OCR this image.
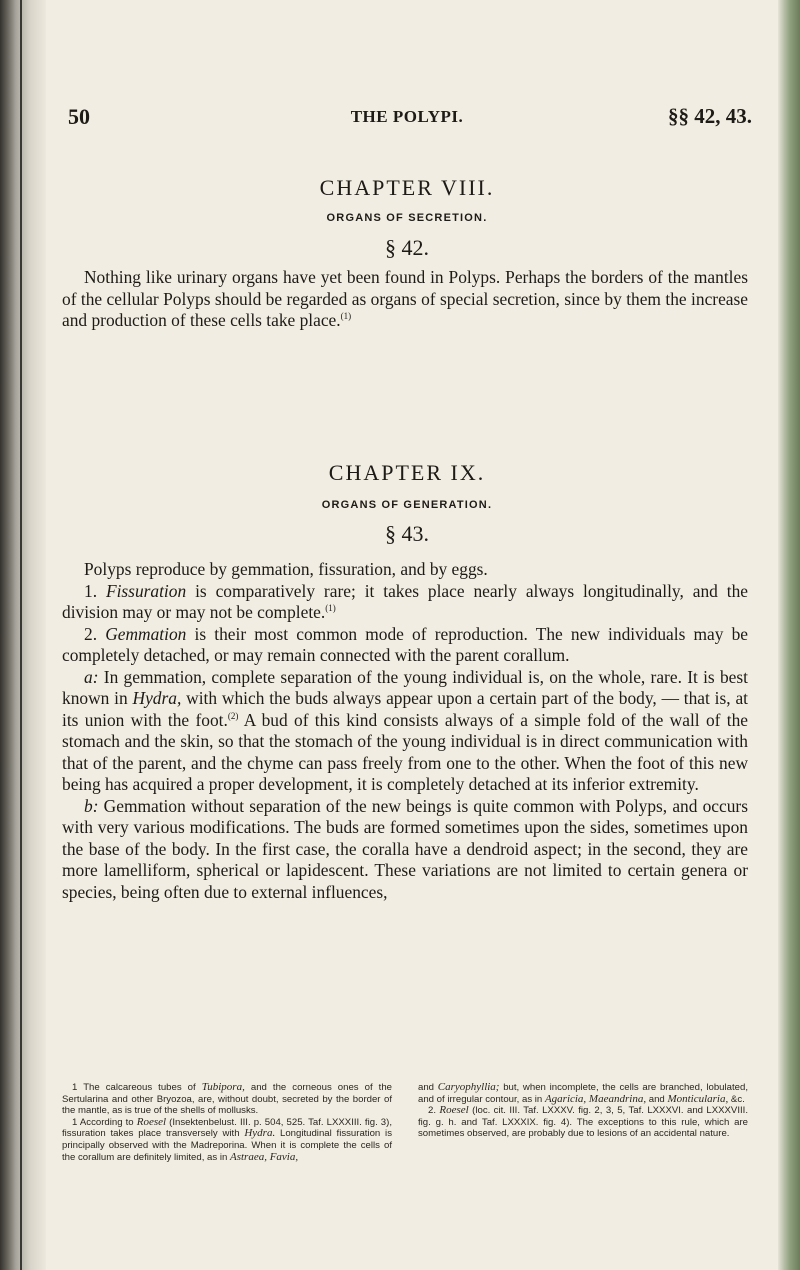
50	THE POLYPI.	§§ 42, 43.
CHAPTER VIII.
ORGANS OF SECRETION.
§ 42.

Nothing like urinary organs have yet been found in Polyps. Perhaps the borders of the mantles of the cellular Polyps should be regarded as organs of special secretion, since by them the increase and production of these cells take place.$^{(1)}$

CHAPTER IX.
ORGANS OF GENERATION.
§ 43.

Polyps reproduce by gemmation, fissuration, and by eggs.

1. Fissuration is comparatively rare; it takes place nearly always longitudinally, and the division may or may not be complete.$^{(1)}$

2. Gemmation is their most common mode of reproduction. The new individuals may be completely detached, or may remain connected with the parent corallum.

a: In gemmation, complete separation of the young individual is, on the whole, rare. It is best known in Hydra, with which the buds always appear upon a certain part of the body, — that is, at its union with the foot.$^{(2)}$ A bud of this kind consists always of a simple fold of the wall of the stomach and the skin, so that the stomach of the young individual is in direct communication with that of the parent, and the chyme can pass freely from one to the other. When the foot of this new being has acquired a proper development, it is completely detached at its inferior extremity.

b: Gemmation without separation of the new beings is quite common with Polyps, and occurs with very various modifications. The buds are formed sometimes upon the sides, sometimes upon the base of the body. In the first case, the coralla have a dendroid aspect; in the second, they are more lamelliform, spherical or lapidescent. These variations are not limited to certain genera or species, being often due to external influences,

1 The calcareous tubes of Tubipora, and the corneous ones of the Sertularina and other Bryozoa, are, without doubt, secreted by the border of the mantle, as is true of the shells of mollusks.

1 According to Roesel (Insektenbelust. III. p. 504, 525. Taf. LXXXIII. fig. 3), fissuration takes place transversely with Hydra. Longitudinal fissuration is principally observed with the Madreporina. When it is complete the cells of the corallum are definitely limited, as in Astraea, Favia,

and Caryophyllia; but, when incomplete, the cells are branched, lobulated, and of irregular contour, as in Agaricia, Maeandrina, and Monticularia, &c.

2. Roesel (loc. cit. III. Taf. LXXXV. fig. 2, 3, 5, Taf. LXXXVI. and LXXXVIII. fig. g. h. and Taf. LXXXIX. fig. 4). The exceptions to this rule, which are sometimes observed, are probably due to lesions of an accidental nature.
